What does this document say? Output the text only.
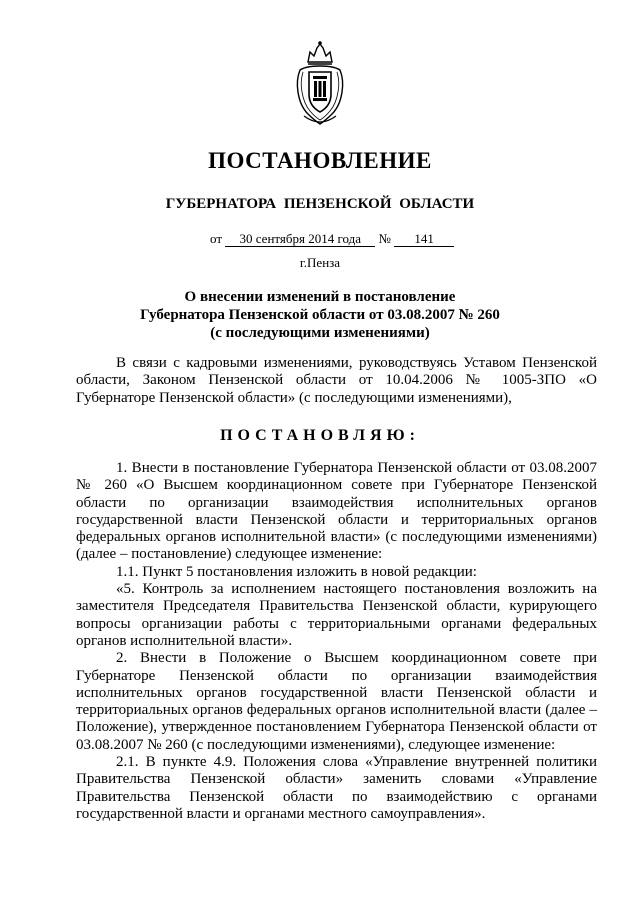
ПОСТАНОВЛЕНИЕ
ГУБЕРНАТОРА ПЕНЗЕНСКОЙ ОБЛАСТИ
от 30 сентября 2014 года № 141
г.Пенза
О внесении изменений в постановление
Губернатора Пензенской области от 03.08.2007 № 260
(с последующими изменениями)

В связи с кадровыми изменениями, руководствуясь Уставом Пензенской области, Законом Пензенской области от 10.04.2006 № 1005-ЗПО «О Губернаторе Пензенской области» (с последующими изменениями),

ПОСТАНОВЛЯЮ:

1. Внести в постановление Губернатора Пензенской области от 03.08.2007 № 260 «О Высшем координационном совете при Губернаторе Пензенской области по организации взаимодействия исполнительных органов государственной власти Пензенской области и территориальных органов федеральных органов исполнительной власти» (с последующими изменениями) (далее – постановление) следующее изменение:

1.1. Пункт 5 постановления изложить в новой редакции:

«5. Контроль за исполнением настоящего постановления возложить на заместителя Председателя Правительства Пензенской области, курирующего вопросы организации работы с территориальными органами федеральных органов исполнительной власти».

2. Внести в Положение о Высшем координационном совете при Губернаторе Пензенской области по организации взаимодействия исполнительных органов государственной власти Пензенской области и территориальных органов федеральных органов исполнительной власти (далее – Положение), утвержденное постановлением Губернатора Пензенской области от 03.08.2007 № 260 (с последующими изменениями), следующее изменение:

2.1. В пункте 4.9. Положения слова «Управление внутренней политики Правительства Пензенской области» заменить словами «Управление Правительства Пензенской области по взаимодействию с органами государственной власти и органами местного самоуправления».
